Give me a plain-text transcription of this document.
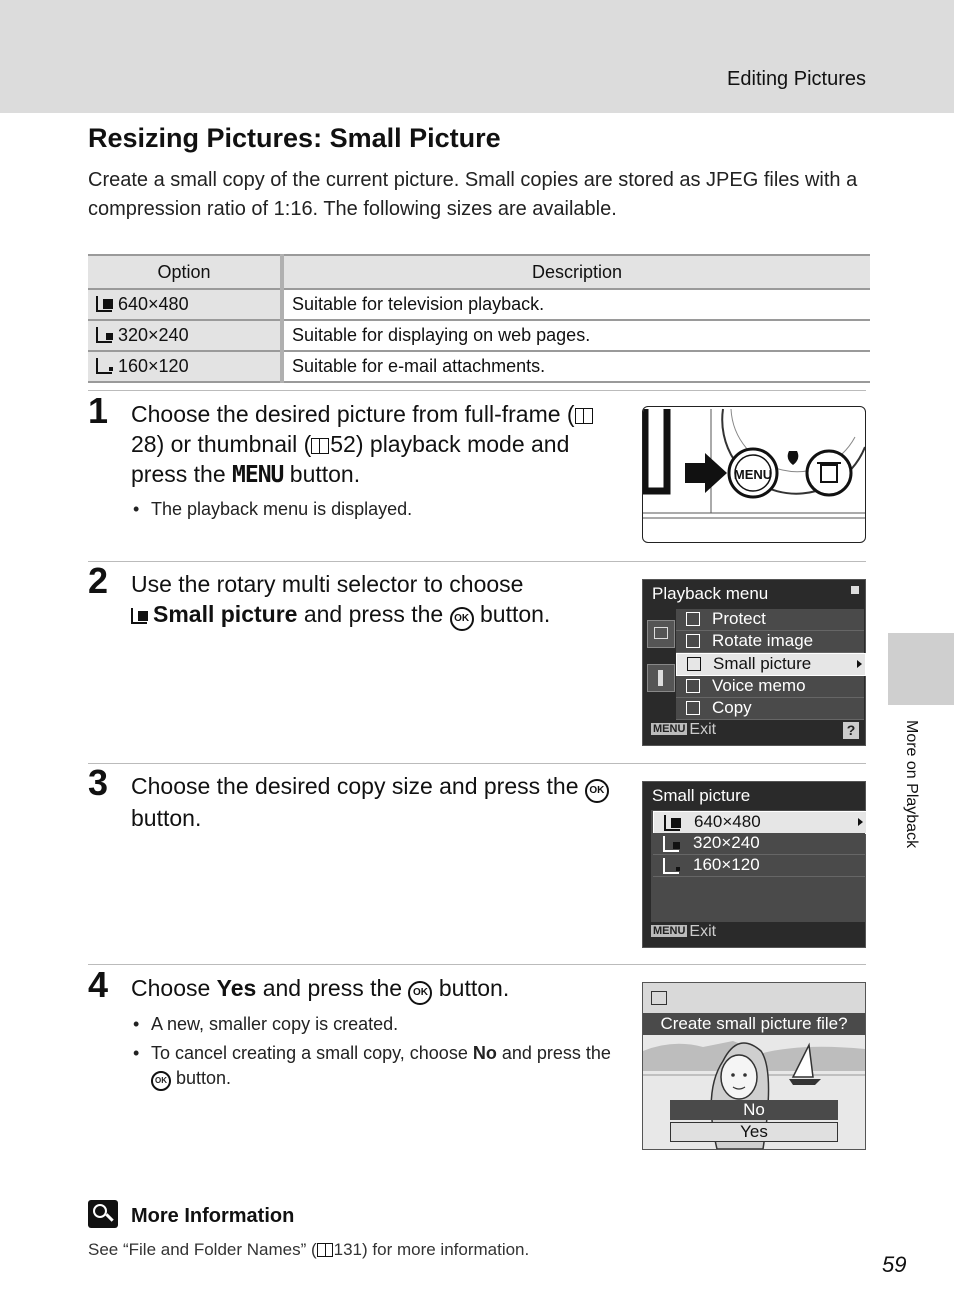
Editing Pictures
More on Playback
Resizing Pictures: Small Picture

Create a small copy of the current picture. Small copies are stored as JPEG files with a compression ratio of 1:16. The following sizes are available.

Option	Description
640×480	Suitable for television playback.
320×240	Suitable for displaying on web pages.
160×120	Suitable for e-mail attachments.
1 Choose the desired picture from full-frame (28) or thumbnail ( 52) playback mode and press the MENU button.

• The playback menu is displayed.
MENU
2 Use the rotary multi selector to choose
Small picture and press the OK button.

Playback menu
Protect
Rotate image
Small picture
Voice memo
Copy
MENU Exit	?
3 Choose the desired copy size and press the OK
button.

Small picture
640×480
320×240
160×120
MENU Exit
4 Choose Yes and press the OK button.

• A new, smaller copy is created.
• To cancel creating a small copy, choose No and press the OK button.
Create small picture file?
No
Yes
More Information
See “File and Folder Names” ( 131) for more information.
59
